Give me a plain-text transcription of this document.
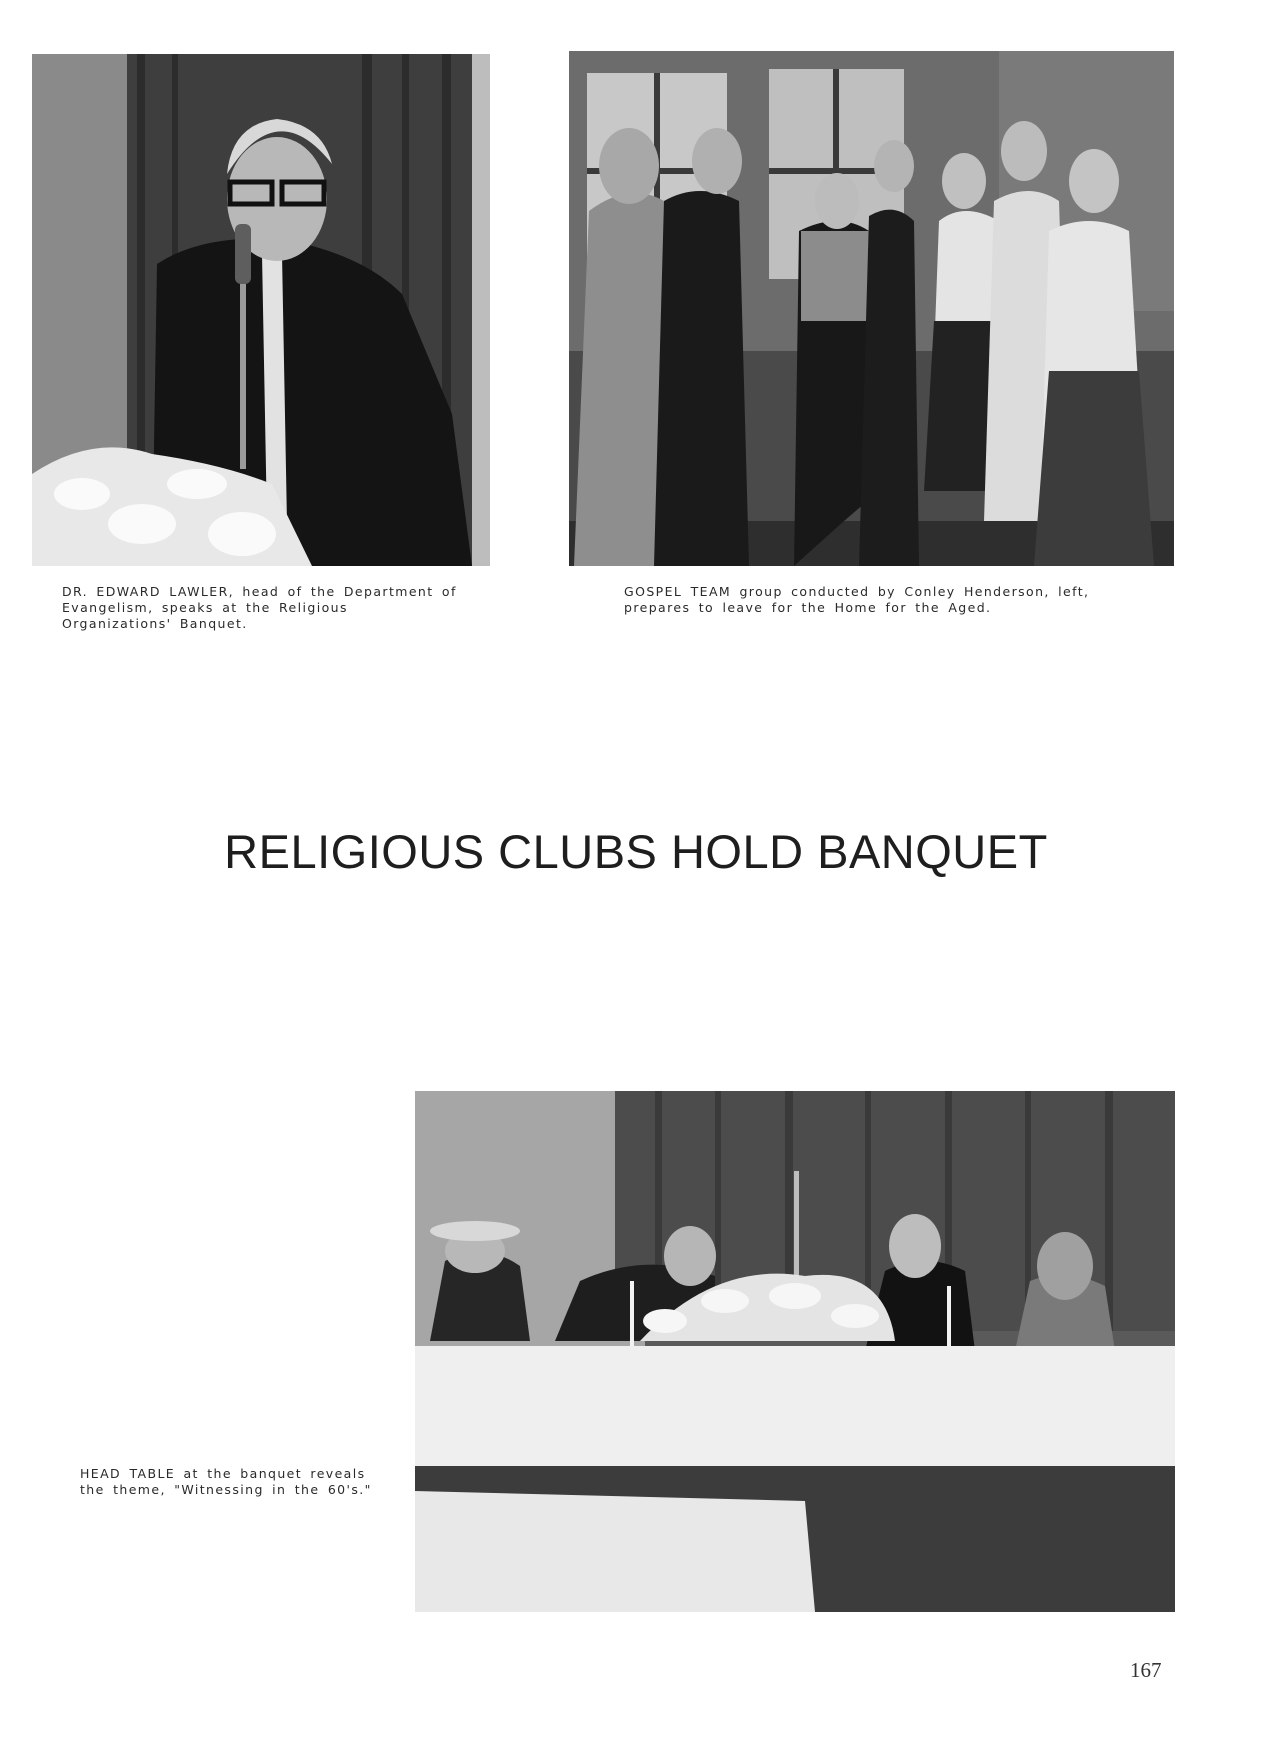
DR. EDWARD LAWLER, head of the Department of Evangelism, speaks at the Religious Organizations' Banquet.

GOSPEL TEAM group conducted by Conley Henderson, left, prepares to leave for the Home for the Aged.

RELIGIOUS CLUBS HOLD BANQUET

HEAD TABLE at the banquet reveals the theme, "Witnessing in the 60's."

167
